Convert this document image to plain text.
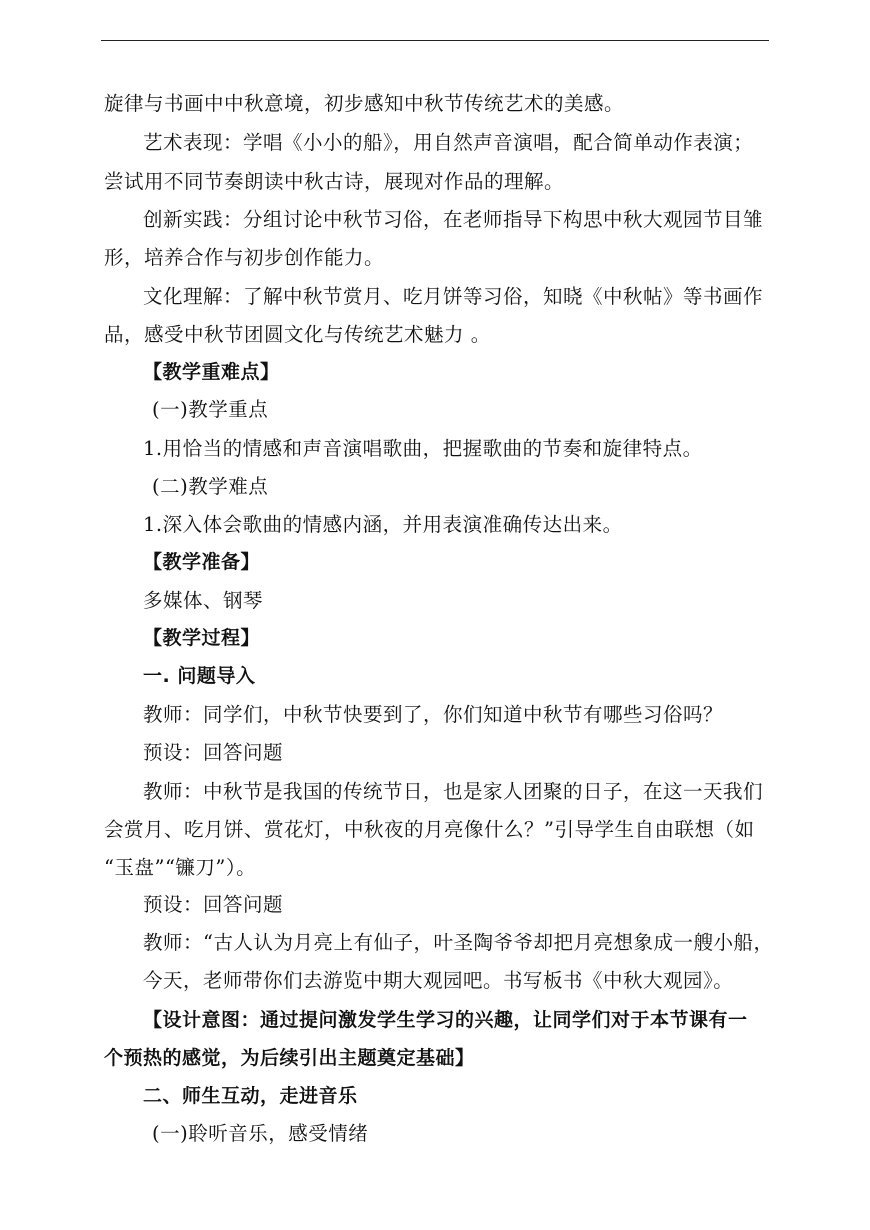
旋律与书画中中秋意境，初步感知中秋节传统艺术的美感。
艺术表现：学唱《小小的船》，用自然声音演唱，配合简单动作表演；
尝试用不同节奏朗读中秋古诗，展现对作品的理解。
创新实践：分组讨论中秋节习俗，在老师指导下构思中秋大观园节目雏
形，培养合作与初步创作能力。
文化理解：了解中秋节赏月、吃月饼等习俗，知晓《中秋帖》等书画作
品，感受中秋节团圆文化与传统艺术魅力 。
【教学重难点】
(一)教学重点
1.用恰当的情感和声音演唱歌曲，把握歌曲的节奏和旋律特点。
(二)教学难点
1.深入体会歌曲的情感内涵，并用表演准确传达出来。
【教学准备】
多媒体、钢琴
【教学过程】
一. 问题导入
教师：同学们，中秋节快要到了，你们知道中秋节有哪些习俗吗？
预设：回答问题
教师：中秋节是我国的传统节日，也是家人团聚的日子，在这一天我们
会赏月、吃月饼、赏花灯，中秋夜的月亮像什么？”引导学生自由联想（如
“玉盘”“镰刀”）。
预设：回答问题
教师：“古人认为月亮上有仙子，叶圣陶爷爷却把月亮想象成一艘小船，
今天，老师带你们去游览中期大观园吧。书写板书《中秋大观园》。
【设计意图：通过提问激发学生学习的兴趣，让同学们对于本节课有一
个预热的感觉，为后续引出主题奠定基础】
二、师生互动，走进音乐
(一)聆听音乐，感受情绪
